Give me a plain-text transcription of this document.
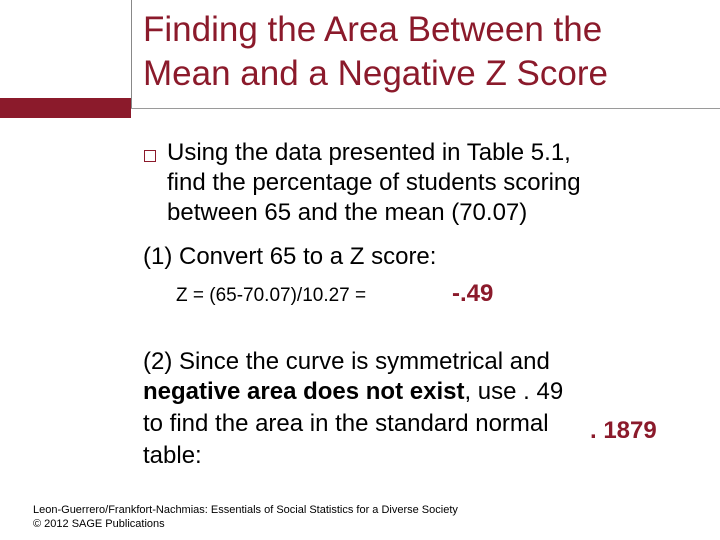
Finding the Area Between the
Mean and a Negative Z Score
Using the data presented in Table 5.1,
find the percentage of students scoring
between 65 and the mean (70.07)
(1) Convert 65 to a Z score:
Z = (65-70.07)/10.27 =	-.49
(2) Since the curve is symmetrical and
negative area does not exist, use . 49
to find the area in the standard normal
table:
. 1879
Leon-Guerrero/Frankfort-Nachmias: Essentials of Social Statistics for a Diverse Society
© 2012 SAGE Publications
